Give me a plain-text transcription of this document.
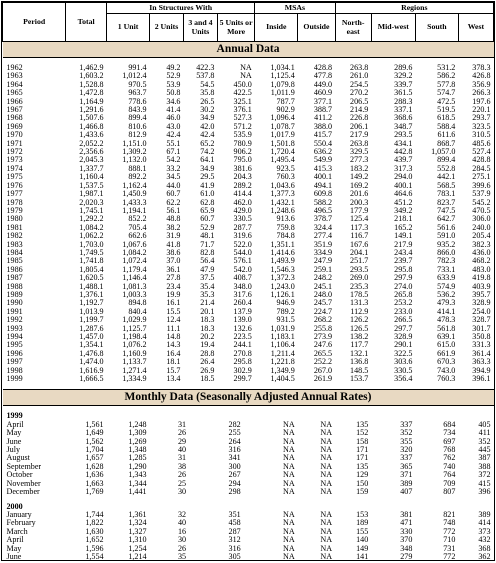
Period	Total	In Structures With				MSAs		Regions			
		1 Unit	2 Units	3 and 4 Units	5 Units or More	Inside	Outside	North-east	Mid-west	South	West
Annual Data											

1962	1,462.9	991.4	49.2	422.3	NA	1,034.1	428.8	263.8	289.6	531.2	378.3
1963	1,603.2	1,012.4	52.9	537.8	NA	1,125.4	477.8	261.0	329.2	586.2	426.8
1964	1,528.8	970.5	53.9	54.5	450.0	1,079.8	449.0	254.5	339.7	577.8	356.9
1965	1,472.8	963.7	50.8	35.8	422.5	1,011.9	460.9	270.2	361.5	574.7	266.3
1966	1,164.9	778.6	34.6	26.5	325.1	787.7	377.1	206.5	288.3	472.5	197.6
1967	1,291.6	843.9	41.4	30.2	376.1	902.9	388.7	214.9	337.1	519.5	220.1
1968	1,507.6	899.4	46.0	34.9	527.3	1,096.4	411.2	226.8	368.6	618.5	293.7
1969	1,466.8	810.6	43.0	42.0	571.2	1,078.7	388.0	206.1	348.7	588.4	323.5
1970	1,433.6	812.9	42.4	42.4	535.9	1,017.9	415.7	217.9	293.5	611.6	310.5
1971	2,052.2	1,151.0	55.1	65.2	780.9	1,501.8	550.4	263.8	434.1	868.7	485.6
1972	2,356.6	1,309.2	67.1	74.2	906.2	1,720.4	636.2	329.5	442.8	1,057.0	527.4
1973	2,045.3	1,132.0	54.2	64.1	795.0	1,495.4	549.9	277.3	439.7	899.4	428.8
1974	1,337.7	888.1	33.2	34.9	381.6	923.5	415.3	183.2	317.3	552.8	284.5
1975	1,160.4	892.2	34.5	29.5	204.3	760.3	400.1	149.2	294.0	442.1	275.1
1976	1,537.5	1,162.4	44.0	41.9	289.2	1,043.6	494.1	169.2	400.1	568.5	399.6
1977	1,987.1	1,450.9	60.7	61.0	414.4	1,377.3	609.8	201.6	464.6	783.1	537.9
1978	2,020.3	1,433.3	62.2	62.8	462.0	1,432.1	588.2	200.3	451.2	823.7	545.2
1979	1,745.1	1,194.1	56.1	65.9	429.0	1,248.6	496.5	177.9	349.2	747.5	470.5
1980	1,292.2	852.2	48.8	60.7	330.5	913.6	378.7	125.4	218.1	642.7	306.0
1981	1,084.2	705.4	38.2	52.9	287.7	759.8	324.4	117.3	165.2	561.6	240.0
1982	1,062.2	662.6	31.9	48.1	319.6	784.8	277.4	116.7	149.1	591.0	205.4
1983	1,703.0	1,067.6	41.8	71.7	522.0	1,351.1	351.9	167.6	217.9	935.2	382.3
1984	1,749.5	1,084.2	38.6	82.8	544.0	1,414.6	334.9	204.1	243.4	866.0	436.0
1985	1,741.8	1,072.4	37.0	56.4	576.1	1,493.9	247.9	251.7	239.7	782.3	468.2
1986	1,805.4	1,179.4	36.1	47.9	542.0	1,546.3	259.1	293.5	295.8	733.1	483.0
1987	1,620.5	1,146.4	27.8	37.5	408.7	1,372.3	248.2	269.0	297.9	633.9	419.8
1988	1,488.1	1,081.3	23.4	35.4	348.0	1,243.0	245.1	235.3	274.0	574.9	403.9
1989	1,376.1	1,003.3	19.9	35.3	317.6	1,126.1	248.0	178.5	265.8	536.2	395.7
1990	1,192.7	894.8	16.1	21.4	260.4	946.9	245.7	131.3	253.2	479.3	328.9
1991	1,013.9	840.4	15.5	20.1	137.9	789.2	224.7	112.9	233.0	414.1	254.0
1992	1,199.7	1,029.9	12.4	18.3	139.0	931.5	268.2	126.2	266.5	478.3	328.7
1993	1,287.6	1,125.7	11.1	18.3	132.6	1,031.9	255.8	126.5	297.7	561.8	301.7
1994	1,457.0	1,198.4	14.8	20.2	223.5	1,183.1	273.9	138.2	328.9	639.1	350.8
1995	1,354.1	1,076.2	14.3	19.4	244.1	1,106.4	247.6	117.7	290.1	615.0	331.3
1996	1,476.8	1,160.9	16.4	28.8	270.8	1,211.4	265.5	132.1	322.5	661.9	361.4
1997	1,474.0	1,133.7	18.1	26.4	295.8	1,221.8	252.2	136.8	303.6	670.3	363.3
1998	1,616.9	1,271.4	15.7	26.9	302.9	1,349.9	267.0	148.5	330.5	743.0	394.9
1999	1,666.5	1,334.9	13.4	18.5	299.7	1,404.5	261.9	153.7	356.4	760.3	396.1

Monthly Data (Seasonally Adjusted Annual Rates)											

1999											
April	1,561	1,248	31		282	NA	NA	135	337	684	405
May	1,649	1,309	26		255	NA	NA	152	352	734	411
June	1,562	1,269	29		264	NA	NA	158	355	697	352
July	1,704	1,348	40		316	NA	NA	171	320	768	445
August	1,657	1,285	31		341	NA	NA	171	337	762	387
September	1,628	1,290	38		300	NA	NA	135	365	740	388
October	1,636	1,343	26		267	NA	NA	129	371	764	372
November	1,663	1,344	25		294	NA	NA	150	389	709	415
December	1,769	1,441	30		298	NA	NA	159	407	807	396

2000											
January	1,744	1,361	32		351	NA	NA	153	381	821	389
February	1,822	1,324	40		458	NA	NA	189	471	748	414
March	1,630	1,327	16		287	NA	NA	155	330	772	373
April	1,652	1,310	30		312	NA	NA	140	370	710	432
May	1,596	1,254	26		316	NA	NA	149	348	731	368
June	1,554	1,214	35		305	NA	NA	141	279	772	362
